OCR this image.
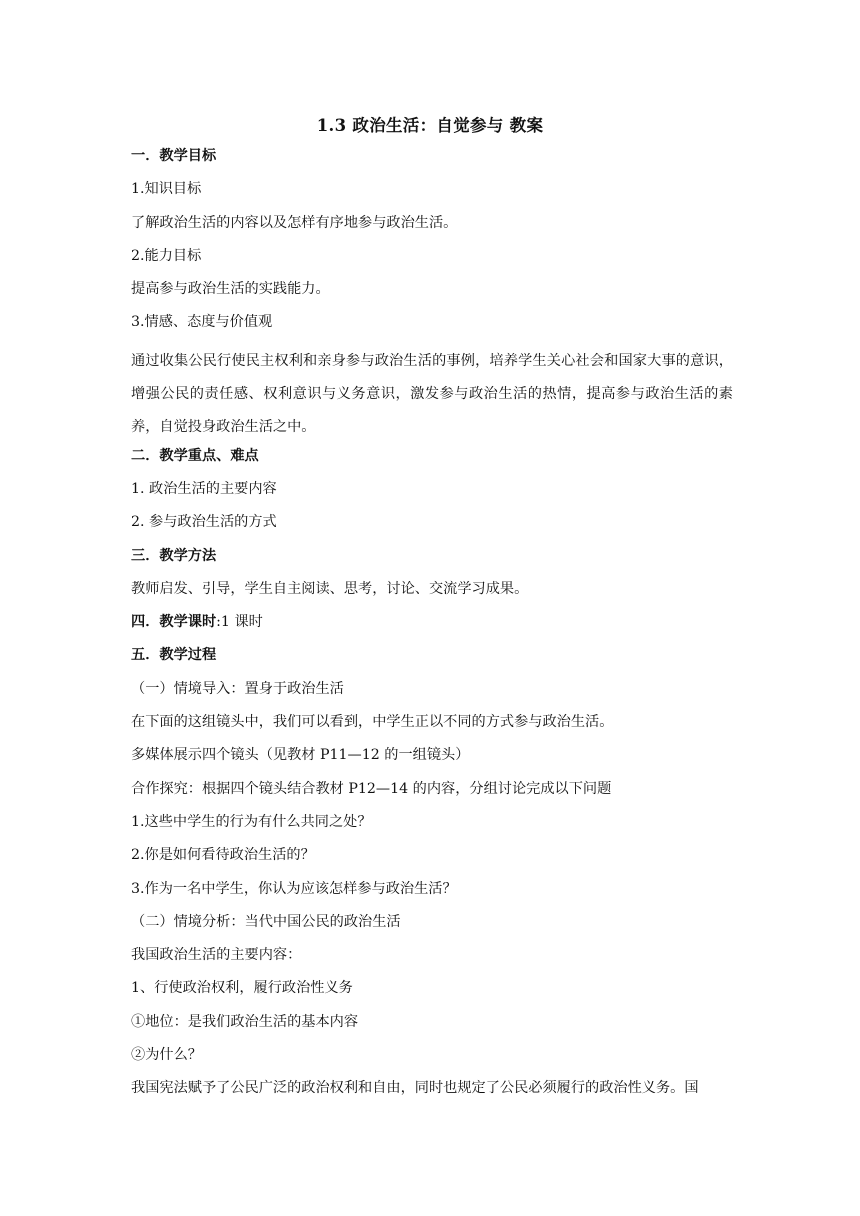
1.3 政治生活：自觉参与 教案
一．教学目标
1.知识目标
了解政治生活的内容以及怎样有序地参与政治生活。
2.能力目标
提高参与政治生活的实践能力。
3.情感、态度与价值观
通过收集公民行使民主权利和亲身参与政治生活的事例，培养学生关心社会和国家大事的意识，增强公民的责任感、权利意识与义务意识，激发参与政治生活的热情，提高参与政治生活的素养，自觉投身政治生活之中。
二．教学重点、难点
1. 政治生活的主要内容
2. 参与政治生活的方式
三．教学方法
教师启发、引导，学生自主阅读、思考，讨论、交流学习成果。
四．教学课时:1 课时
五．教学过程
（一）情境导入：置身于政治生活
在下面的这组镜头中，我们可以看到，中学生正以不同的方式参与政治生活。
多媒体展示四个镜头（见教材 P11—12 的一组镜头）
合作探究：根据四个镜头结合教材 P12—14 的内容，分组讨论完成以下问题
1.这些中学生的行为有什么共同之处？
2.你是如何看待政治生活的？
3.作为一名中学生，你认为应该怎样参与政治生活？
（二）情境分析：当代中国公民的政治生活
我国政治生活的主要内容：
1、行使政治权利，履行政治性义务
①地位：是我们政治生活的基本内容
②为什么？
我国宪法赋予了公民广泛的政治权利和自由，同时也规定了公民必须履行的政治性义务。国
